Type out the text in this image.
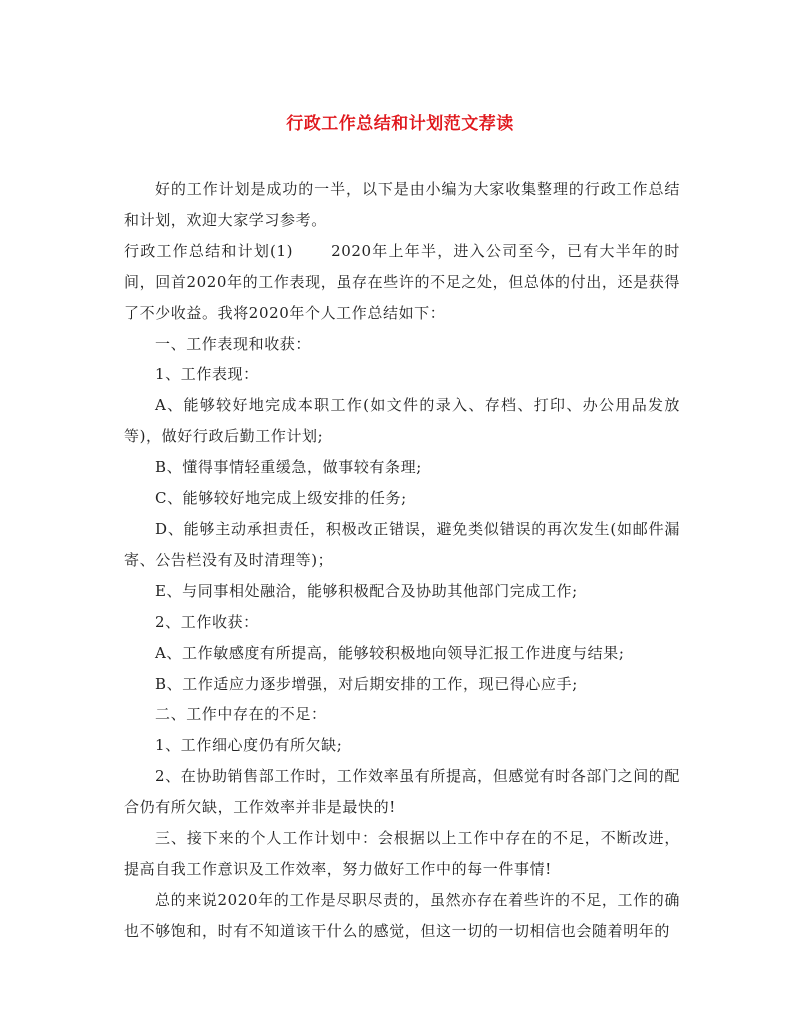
行政工作总结和计划范文荐读

好的工作计划是成功的一半，以下是由小编为大家收集整理的行政工作总结和计划，欢迎大家学习参考。

行政工作总结和计划(1)	2020年上年半，进入公司至今，已有大半年的时间，回首2020年的工作表现，虽存在些许的不足之处，但总体的付出，还是获得了不少收益。我将2020年个人工作总结如下：

一、工作表现和收获：

1、工作表现：

A、能够较好地完成本职工作(如文件的录入、存档、打印、办公用品发放等)，做好行政后勤工作计划;

B、懂得事情轻重缓急，做事较有条理;

C、能够较好地完成上级安排的任务;

D、能够主动承担责任，积极改正错误，避免类似错误的再次发生(如邮件漏寄、公告栏没有及时清理等)；

E、与同事相处融洽，能够积极配合及协助其他部门完成工作;

2、工作收获：

A、工作敏感度有所提高，能够较积极地向领导汇报工作进度与结果;

B、工作适应力逐步增强，对后期安排的工作，现已得心应手;

二、工作中存在的不足：

1、工作细心度仍有所欠缺;

2、在协助销售部工作时，工作效率虽有所提高，但感觉有时各部门之间的配合仍有所欠缺，工作效率并非是最快的!

三、接下来的个人工作计划中：会根据以上工作中存在的不足，不断改进，提高自我工作意识及工作效率，努力做好工作中的每一件事情!

总的来说2020年的工作是尽职尽责的，虽然亦存在着些许的不足，工作的确也不够饱和，时有不知道该干什么的感觉，但这一切的一切相信也会随着明年的
